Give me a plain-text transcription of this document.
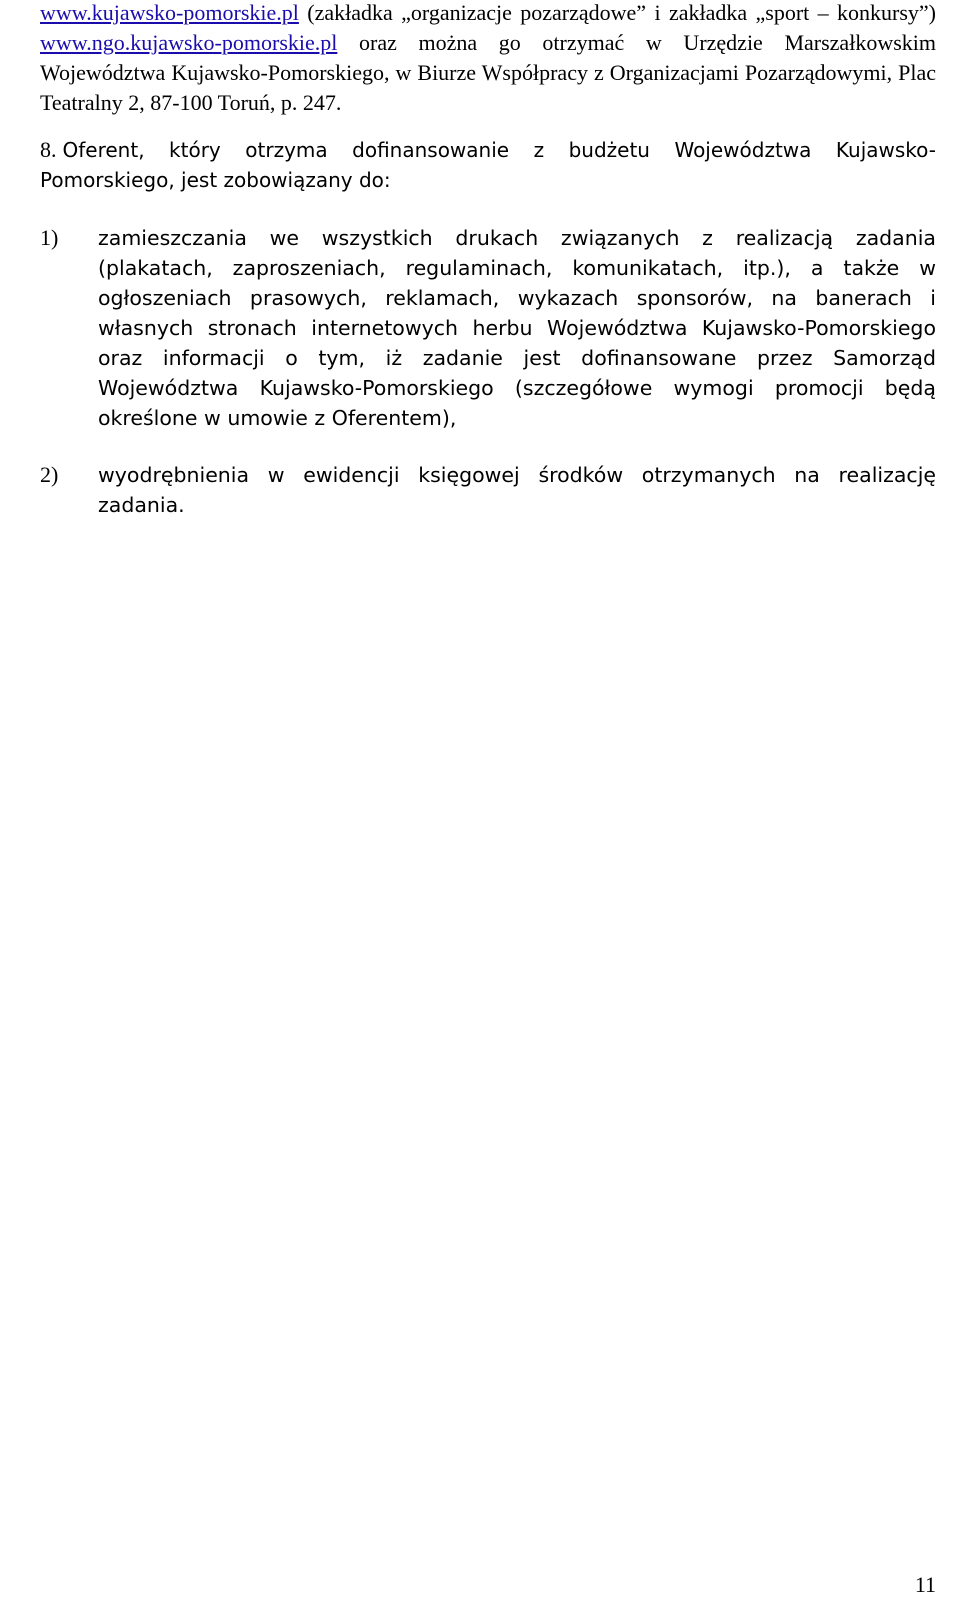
www.kujawsko-pomorskie.pl (zakładka „organizacje pozarządowe” i zakładka „sport – konkursy”) www.ngo.kujawsko-pomorskie.pl oraz można go otrzymać w Urzędzie Marszałkowskim Województwa Kujawsko-Pomorskiego, w Biurze Współpracy z Organizacjami Pozarządowymi, Plac Teatralny 2, 87-100 Toruń, p. 247.
8. Oferent, który otrzyma dofinansowanie z budżetu Województwa Kujawsko-Pomorskiego, jest zobowiązany do:
1) zamieszczania we wszystkich drukach związanych z realizacją zadania (plakatach, zaproszeniach, regulaminach, komunikatach, itp.), a także w ogłoszeniach prasowych, reklamach, wykazach sponsorów, na banerach i własnych stronach internetowych herbu Województwa Kujawsko-Pomorskiego oraz informacji o tym, iż zadanie jest dofinansowane przez Samorząd Województwa Kujawsko-Pomorskiego (szczegółowe wymogi promocji będą określone w umowie z Oferentem),
2) wyodrębnienia w ewidencji księgowej środków otrzymanych na realizację zadania.
11
